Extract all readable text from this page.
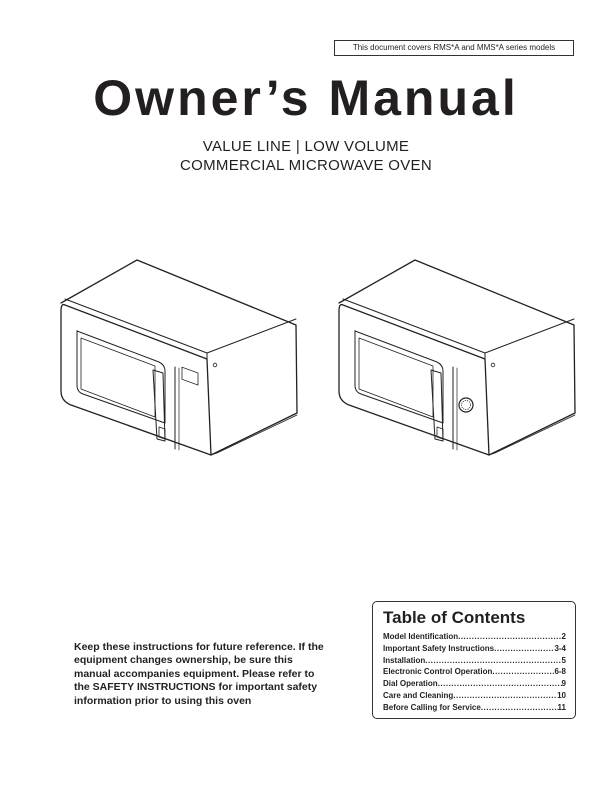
This document covers RMS*A and MMS*A series models
Owner’s Manual
VALUE LINE | LOW VOLUME
COMMERCIAL MICROWAVE OVEN
Keep these instructions for future reference. If the equipment changes ownership, be sure this manual accompanies equipment. Please refer to the SAFETY INSTRUCTIONS for important safety information prior to using this oven
Table of Contents
Model Identification .....	2
Important Safety Instructions .....	3-4
Installation .....	5
Electronic Control Operation .....	6-8
Dial Operation .....	9
Care and Cleaning .....	10
Before Calling for Service .....	11
